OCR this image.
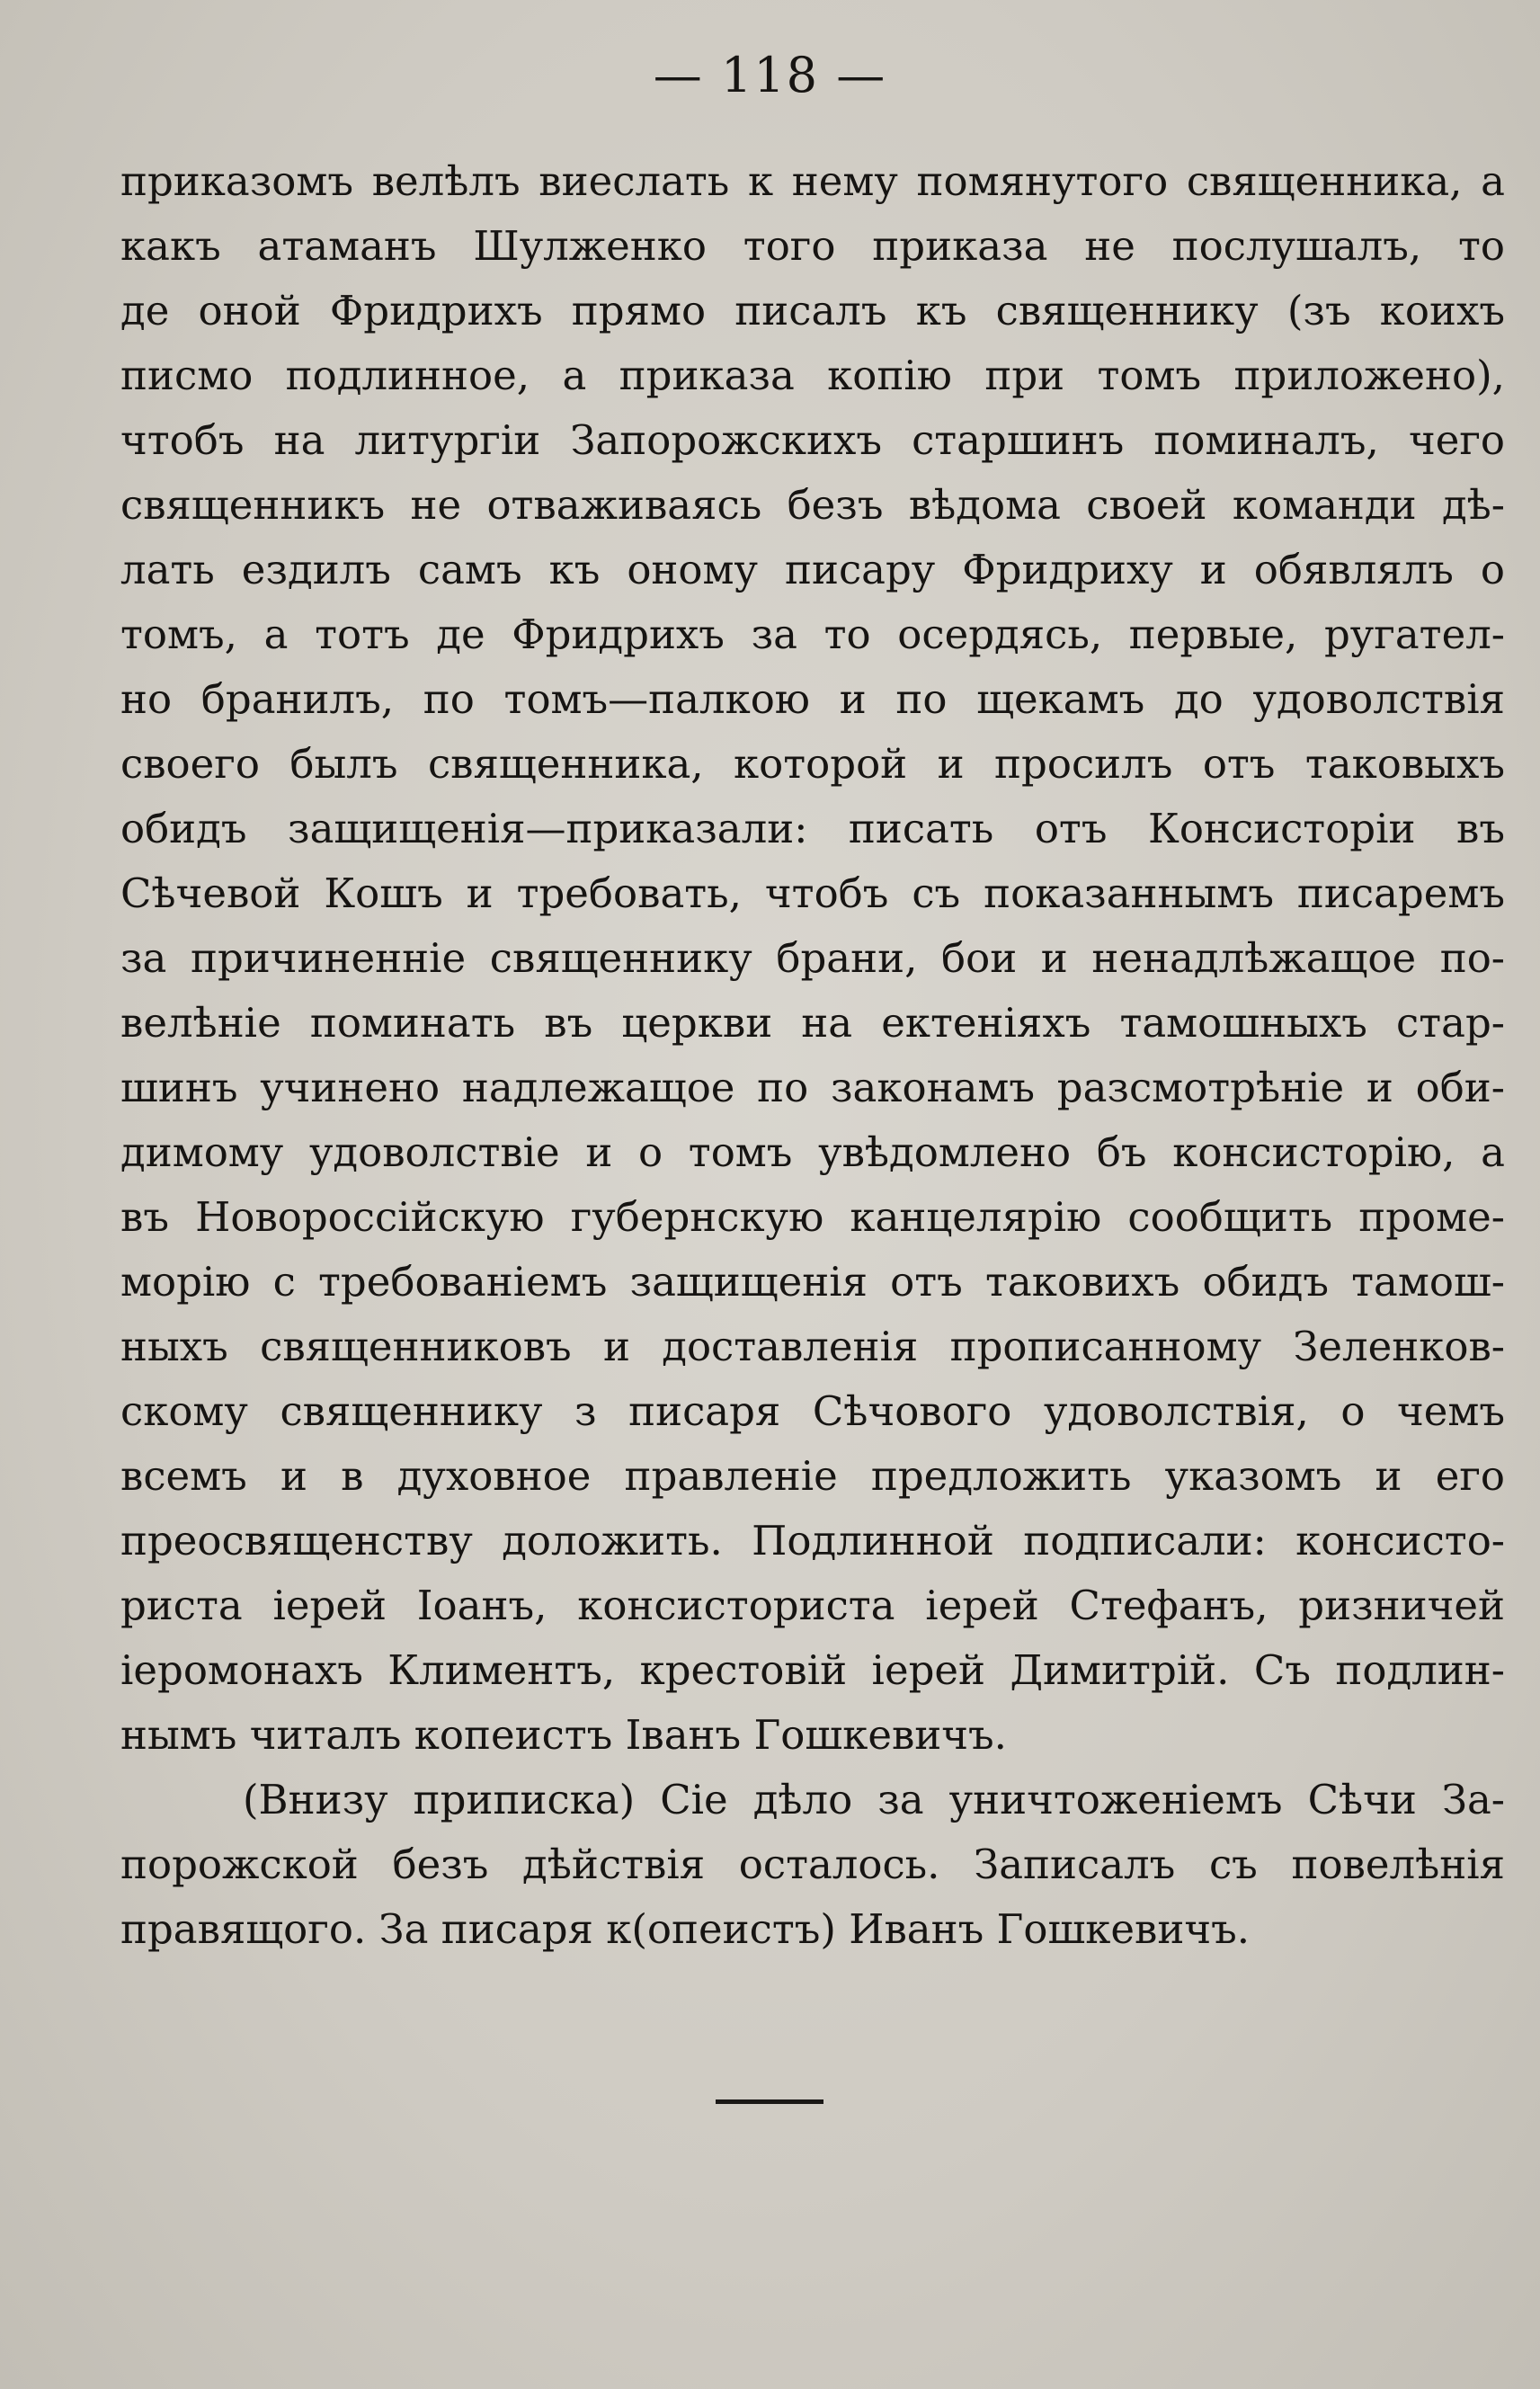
— 118 —
приказомъ велѣлъ виеслать к нему помянутого священника, а
какъ атаманъ Шулженко того приказа не послушалъ, то
де оной Фридрихъ прямо писалъ къ священнику (зъ коихъ
писмо подлинное, а приказа копію при томъ приложено),
чтобъ на литургіи Запорожскихъ старшинъ поминалъ, чего
священникъ не отваживаясь безъ вѣдома своей команди дѣ-
лать ездилъ самъ къ оному писару Фридриху и обявлялъ о
томъ, а тотъ де Фридрихъ за то осердясь, первые, ругател-
но бранилъ, по томъ—палкою и по щекамъ до удоволствія
своего былъ священника, которой и просилъ отъ таковыхъ
обидъ защищенія—приказали: писать отъ Консисторіи въ
Сѣчевой Кошъ и требовать, чтобъ съ показаннымъ писаремъ
за причиненніе священнику брани, бои и ненадлѣжащое по-
велѣніе поминать въ церкви на ектеніяхъ тамошныхъ стар-
шинъ учинено надлежащое по законамъ разсмотрѣніе и оби-
димому удоволствіе и о томъ увѣдомлено бъ консисторію, а
въ Новороссійскую губернскую канцелярію сообщить проме-
морію с требованіемъ защищенія отъ таковихъ обидъ тамош-
ныхъ священниковъ и доставленія прописанному Зеленков-
скому священнику з писаря Сѣчового удоволствія, о чемъ
всемъ и в духовное правленіе предложить указомъ и его
преосвященству доложить. Подлинной подписали: консисто-
риста іерей Іоанъ, консисториста іерей Стефанъ, ризничей
іеромонахъ Климентъ, крестовій іерей Димитрій. Съ подлин-
нымъ читалъ копеистъ Іванъ Гошкевичъ.
(Внизу приписка) Сіе дѣло за уничтоженіемъ Сѣчи За-
порожской безъ дѣйствія осталось. Записалъ съ повелѣнія
правящого. За писаря к(опеистъ) Иванъ Гошкевичъ.
